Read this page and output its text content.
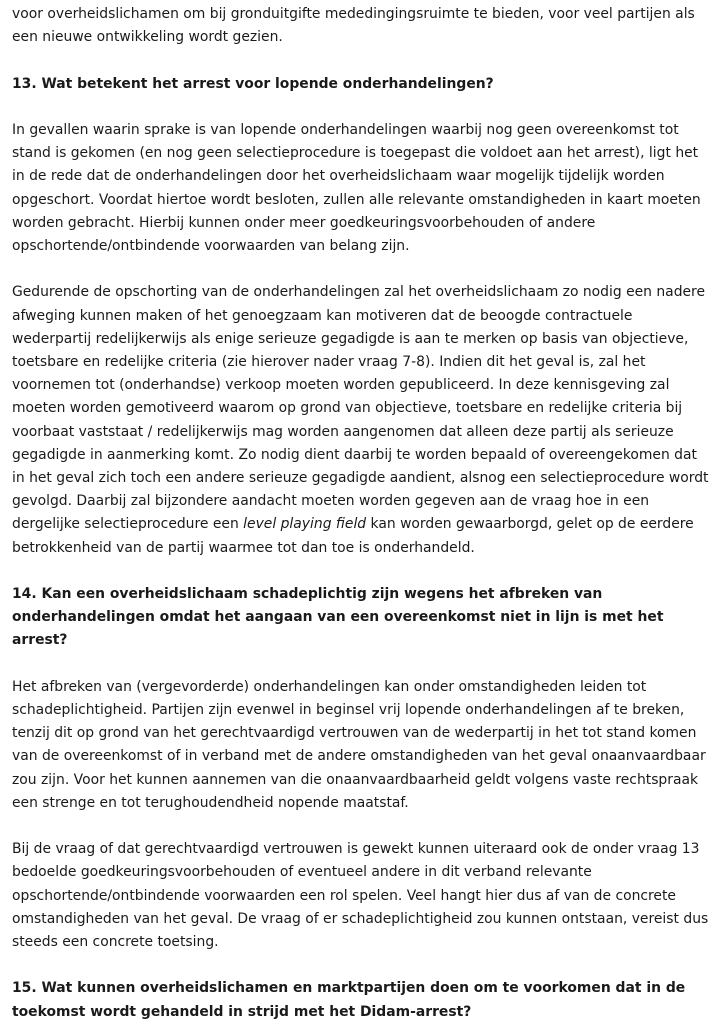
voor overheidslichamen om bij gronduitgifte mededingingsruimte te bieden, voor veel partijen als
een nieuwe ontwikkeling wordt gezien.

13. Wat betekent het arrest voor lopende onderhandelingen?

In gevallen waarin sprake is van lopende onderhandelingen waarbij nog geen overeenkomst tot
stand is gekomen (en nog geen selectieprocedure is toegepast die voldoet aan het arrest), ligt het
in de rede dat de onderhandelingen door het overheidslichaam waar mogelijk tijdelijk worden
opgeschort. Voordat hiertoe wordt besloten, zullen alle relevante omstandigheden in kaart moeten
worden gebracht. Hierbij kunnen onder meer goedkeuringsvoorbehouden of andere
opschortende/ontbindende voorwaarden van belang zijn.

Gedurende de opschorting van de onderhandelingen zal het overheidslichaam zo nodig een nadere
afweging kunnen maken of het genoegzaam kan motiveren dat de beoogde contractuele
wederpartij redelijkerwijs als enige serieuze gegadigde is aan te merken op basis van objectieve,
toetsbare en redelijke criteria (zie hierover nader vraag 7-8). Indien dit het geval is, zal het
voornemen tot (onderhandse) verkoop moeten worden gepubliceerd. In deze kennisgeving zal
moeten worden gemotiveerd waarom op grond van objectieve, toetsbare en redelijke criteria bij
voorbaat vaststaat / redelijkerwijs mag worden aangenomen dat alleen deze partij als serieuze
gegadigde in aanmerking komt. Zo nodig dient daarbij te worden bepaald of overeengekomen dat
in het geval zich toch een andere serieuze gegadigde aandient, alsnog een selectieprocedure wordt
gevolgd. Daarbij zal bijzondere aandacht moeten worden gegeven aan de vraag hoe in een
dergelijke selectieprocedure een level playing field kan worden gewaarborgd, gelet op de eerdere
betrokkenheid van de partij waarmee tot dan toe is onderhandeld.

14. Kan een overheidslichaam schadeplichtig zijn wegens het afbreken van
onderhandelingen omdat het aangaan van een overeenkomst niet in lijn is met het
arrest?

Het afbreken van (vergevorderde) onderhandelingen kan onder omstandigheden leiden tot
schadeplichtigheid. Partijen zijn evenwel in beginsel vrij lopende onderhandelingen af te breken,
tenzij dit op grond van het gerechtvaardigd vertrouwen van de wederpartij in het tot stand komen
van de overeenkomst of in verband met de andere omstandigheden van het geval onaanvaardbaar
zou zijn. Voor het kunnen aannemen van die onaanvaardbaarheid geldt volgens vaste rechtspraak
een strenge en tot terughoudendheid nopende maatstaf.

Bij de vraag of dat gerechtvaardigd vertrouwen is gewekt kunnen uiteraard ook de onder vraag 13
bedoelde goedkeuringsvoorbehouden of eventueel andere in dit verband relevante
opschortende/ontbindende voorwaarden een rol spelen. Veel hangt hier dus af van de concrete
omstandigheden van het geval. De vraag of er schadeplichtigheid zou kunnen ontstaan, vereist dus
steeds een concrete toetsing.

15. Wat kunnen overheidslichamen en marktpartijen doen om te voorkomen dat in de
toekomst wordt gehandeld in strijd met het Didam-arrest?
